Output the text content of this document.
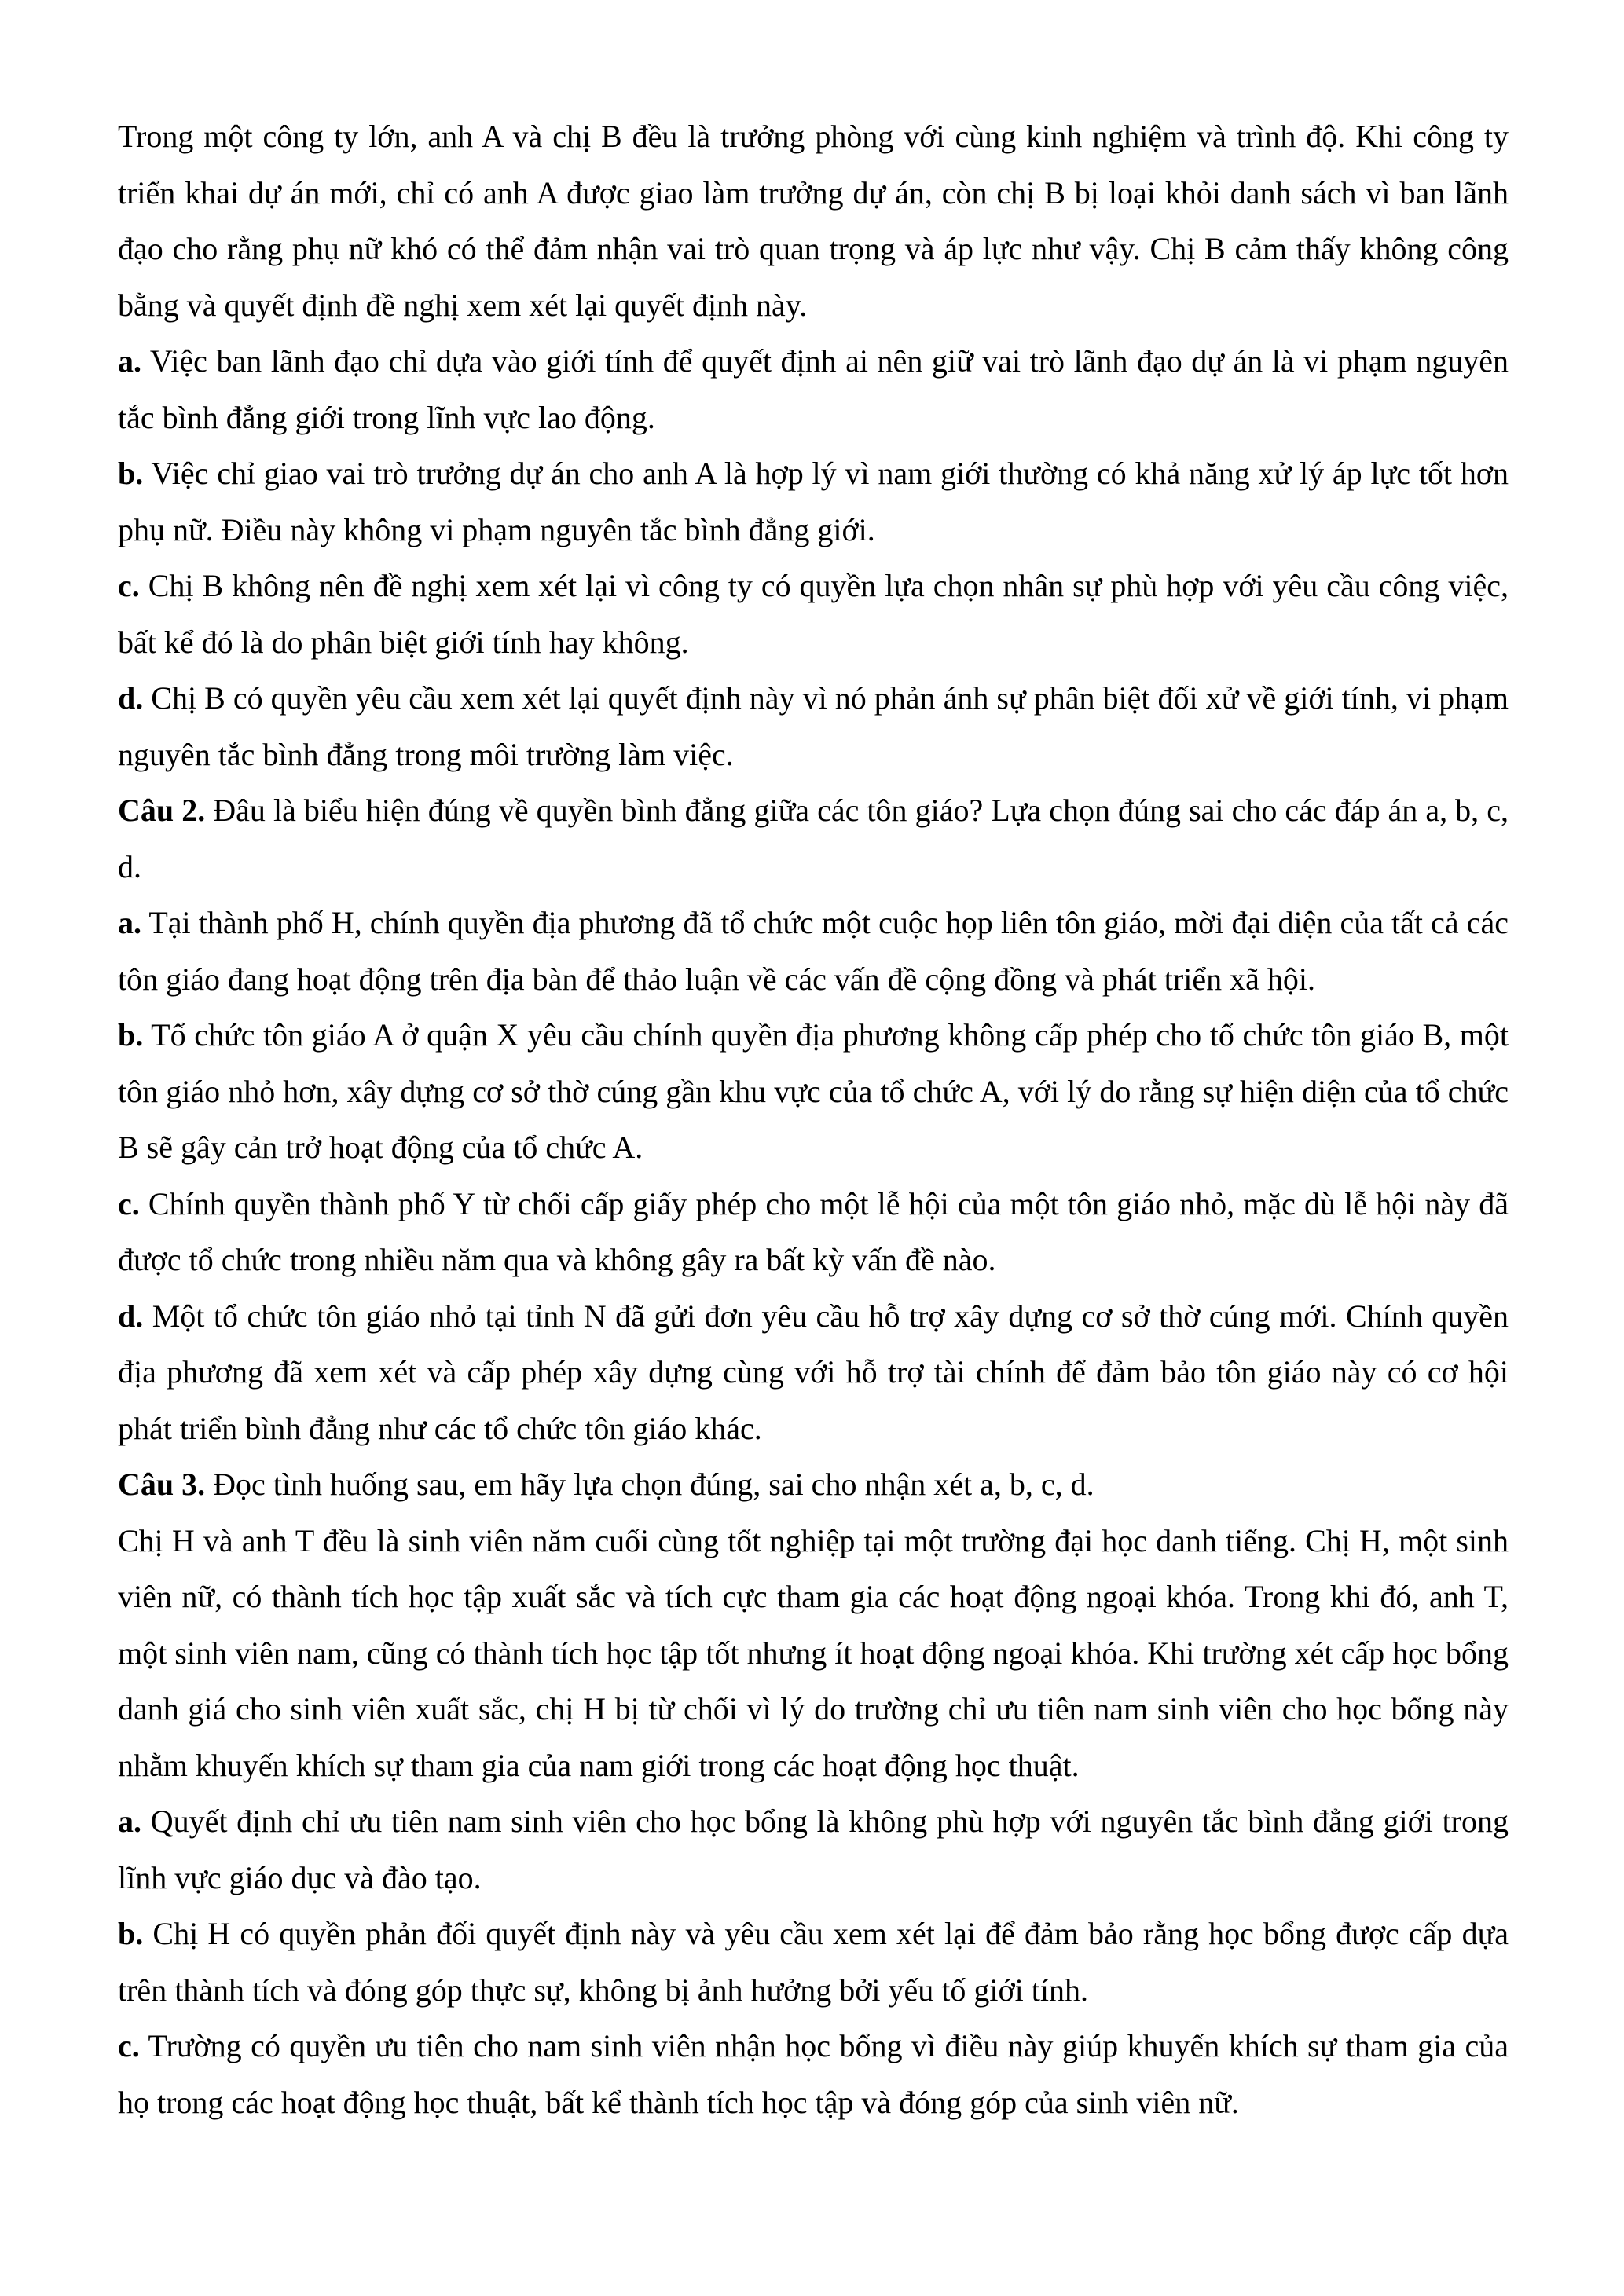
Trong một công ty lớn, anh A và chị B đều là trưởng phòng với cùng kinh nghiệm và trình độ. Khi công ty triển khai dự án mới, chỉ có anh A được giao làm trưởng dự án, còn chị B bị loại khỏi danh sách vì ban lãnh đạo cho rằng phụ nữ khó có thể đảm nhận vai trò quan trọng và áp lực như vậy. Chị B cảm thấy không công bằng và quyết định đề nghị xem xét lại quyết định này.

a. Việc ban lãnh đạo chỉ dựa vào giới tính để quyết định ai nên giữ vai trò lãnh đạo dự án là vi phạm nguyên tắc bình đẳng giới trong lĩnh vực lao động.

b. Việc chỉ giao vai trò trưởng dự án cho anh A là hợp lý vì nam giới thường có khả năng xử lý áp lực tốt hơn phụ nữ. Điều này không vi phạm nguyên tắc bình đẳng giới.

c. Chị B không nên đề nghị xem xét lại vì công ty có quyền lựa chọn nhân sự phù hợp với yêu cầu công việc, bất kể đó là do phân biệt giới tính hay không.

d. Chị B có quyền yêu cầu xem xét lại quyết định này vì nó phản ánh sự phân biệt đối xử về giới tính, vi phạm nguyên tắc bình đẳng trong môi trường làm việc.

Câu 2. Đâu là biểu hiện đúng về quyền bình đẳng giữa các tôn giáo? Lựa chọn đúng sai cho các đáp án a, b, c, d.

a. Tại thành phố H, chính quyền địa phương đã tổ chức một cuộc họp liên tôn giáo, mời đại diện của tất cả các tôn giáo đang hoạt động trên địa bàn để thảo luận về các vấn đề cộng đồng và phát triển xã hội.

b. Tổ chức tôn giáo A ở quận X yêu cầu chính quyền địa phương không cấp phép cho tổ chức tôn giáo B, một tôn giáo nhỏ hơn, xây dựng cơ sở thờ cúng gần khu vực của tổ chức A, với lý do rằng sự hiện diện của tổ chức B sẽ gây cản trở hoạt động của tổ chức A.

c. Chính quyền thành phố Y từ chối cấp giấy phép cho một lễ hội của một tôn giáo nhỏ, mặc dù lễ hội này đã được tổ chức trong nhiều năm qua và không gây ra bất kỳ vấn đề nào.

d. Một tổ chức tôn giáo nhỏ tại tỉnh N đã gửi đơn yêu cầu hỗ trợ xây dựng cơ sở thờ cúng mới. Chính quyền địa phương đã xem xét và cấp phép xây dựng cùng với hỗ trợ tài chính để đảm bảo tôn giáo này có cơ hội phát triển bình đẳng như các tổ chức tôn giáo khác.

Câu 3. Đọc tình huống sau, em hãy lựa chọn đúng, sai cho nhận xét a, b, c, d.

Chị H và anh T đều là sinh viên năm cuối cùng tốt nghiệp tại một trường đại học danh tiếng. Chị H, một sinh viên nữ, có thành tích học tập xuất sắc và tích cực tham gia các hoạt động ngoại khóa. Trong khi đó, anh T, một sinh viên nam, cũng có thành tích học tập tốt nhưng ít hoạt động ngoại khóa. Khi trường xét cấp học bổng danh giá cho sinh viên xuất sắc, chị H bị từ chối vì lý do trường chỉ ưu tiên nam sinh viên cho học bổng này nhằm khuyến khích sự tham gia của nam giới trong các hoạt động học thuật.

a. Quyết định chỉ ưu tiên nam sinh viên cho học bổng là không phù hợp với nguyên tắc bình đẳng giới trong lĩnh vực giáo dục và đào tạo.

b. Chị H có quyền phản đối quyết định này và yêu cầu xem xét lại để đảm bảo rằng học bổng được cấp dựa trên thành tích và đóng góp thực sự, không bị ảnh hưởng bởi yếu tố giới tính.

c. Trường có quyền ưu tiên cho nam sinh viên nhận học bổng vì điều này giúp khuyến khích sự tham gia của họ trong các hoạt động học thuật, bất kể thành tích học tập và đóng góp của sinh viên nữ.
